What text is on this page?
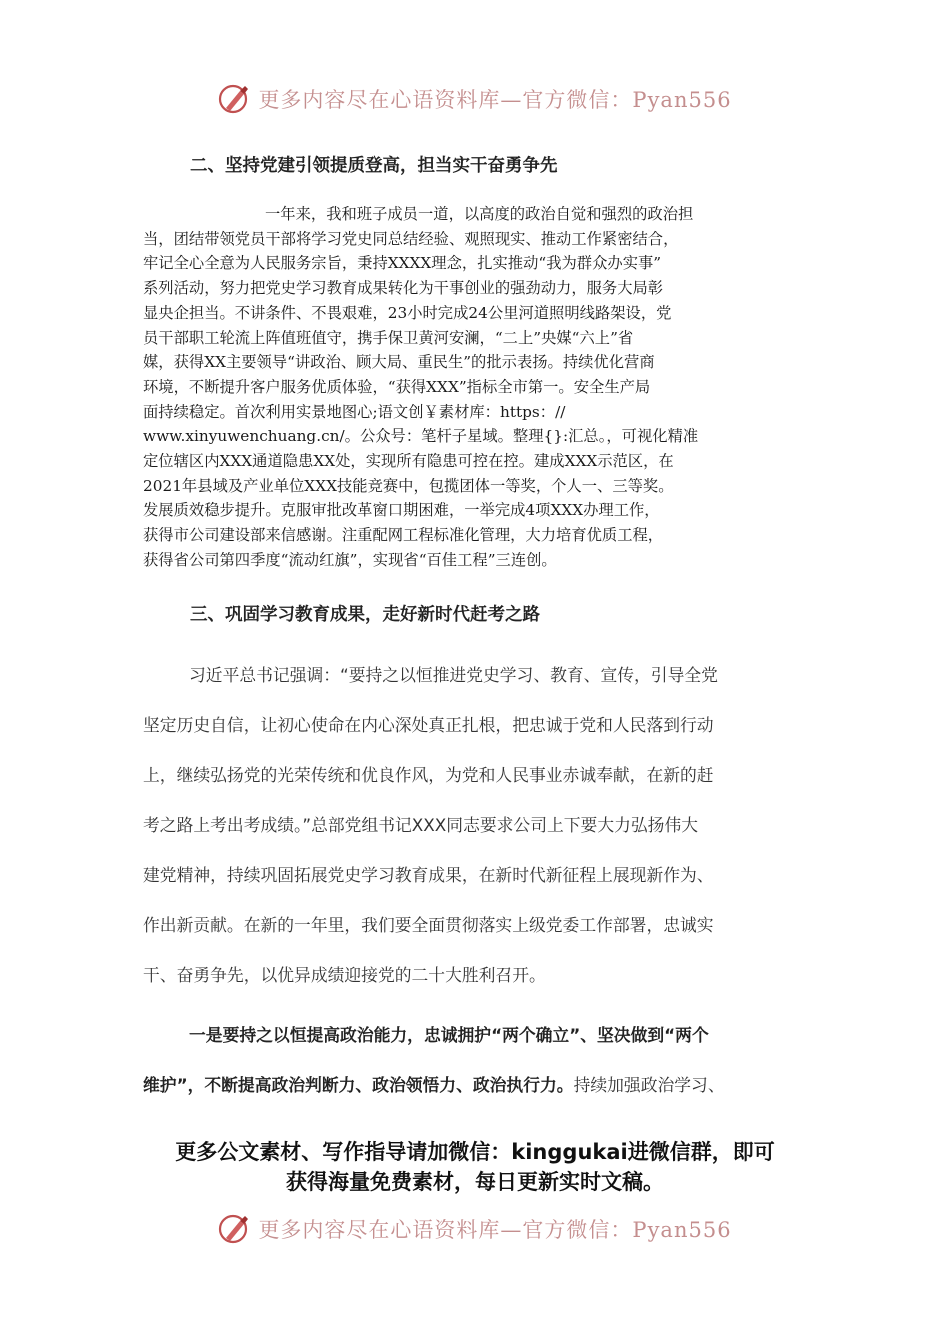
更多内容尽在心语资料库—官方微信：Pyan556
二、坚持党建引领提质登高，担当实干奋勇争先
一年来，我和班子成员一道，以高度的政治自觉和强烈的政治担
当，团结带领党员干部将学习党史同总结经验、观照现实、推动工作紧密结合，
牢记全心全意为人民服务宗旨，秉持XXXX理念，扎实推动“我为群众办实事”
系列活动，努力把党史学习教育成果转化为干事创业的强劲动力，服务大局彰
显央企担当。不讲条件、不畏艰难，23小时完成24公里河道照明线路架设，党
员干部职工轮流上阵值班值守，携手保卫黄河安澜，“二上”央媒“六上”省
媒，获得XX主要领导“讲政治、顾大局、重民生”的批示表扬。持续优化营商
环境，不断提升客户服务优质体验，“获得XXX”指标全市第一。安全生产局
面持续稳定。首次利用实景地图心;语文创￥素材库：https：//
www.xinyuwenchuang.cn/。公众号：笔杆子星域。整理{}:汇总。，可视化精准
定位辖区内XXX通道隐患XX处，实现所有隐患可控在控。建成XXX示范区，在
2021年县域及产业单位XXX技能竞赛中，包揽团体一等奖，个人一、三等奖。
发展质效稳步提升。克服审批改革窗口期困难，一举完成4项XXX办理工作，
获得市公司建设部来信感谢。注重配网工程标准化管理，大力培育优质工程，
获得省公司第四季度“流动红旗”，实现省“百佳工程”三连创。
三、巩固学习教育成果，走好新时代赶考之路
习近平总书记强调：“要持之以恒推进党史学习、教育、宣传，引导全党
坚定历史自信，让初心使命在内心深处真正扎根，把忠诚于党和人民落到行动
上，继续弘扬党的光荣传统和优良作风，为党和人民事业赤诚奉献，在新的赶
考之路上考出考成绩。”总部党组书记XXX同志要求公司上下要大力弘扬伟大
建党精神，持续巩固拓展党史学习教育成果，在新时代新征程上展现新作为、
作出新贡献。在新的一年里，我们要全面贯彻落实上级党委工作部署，忠诚实
干、奋勇争先，以优异成绩迎接党的二十大胜利召开。
一是要持之以恒提高政治能力，忠诚拥护“两个确立”、坚决做到“两个
维护”，不断提高政治判断力、政治领悟力、政治执行力。持续加强政治学习、
更多公文素材、写作指导请加微信：kinggukai进微信群，即可
获得海量免费素材，每日更新实时文稿。
更多内容尽在心语资料库—官方微信：Pyan556
